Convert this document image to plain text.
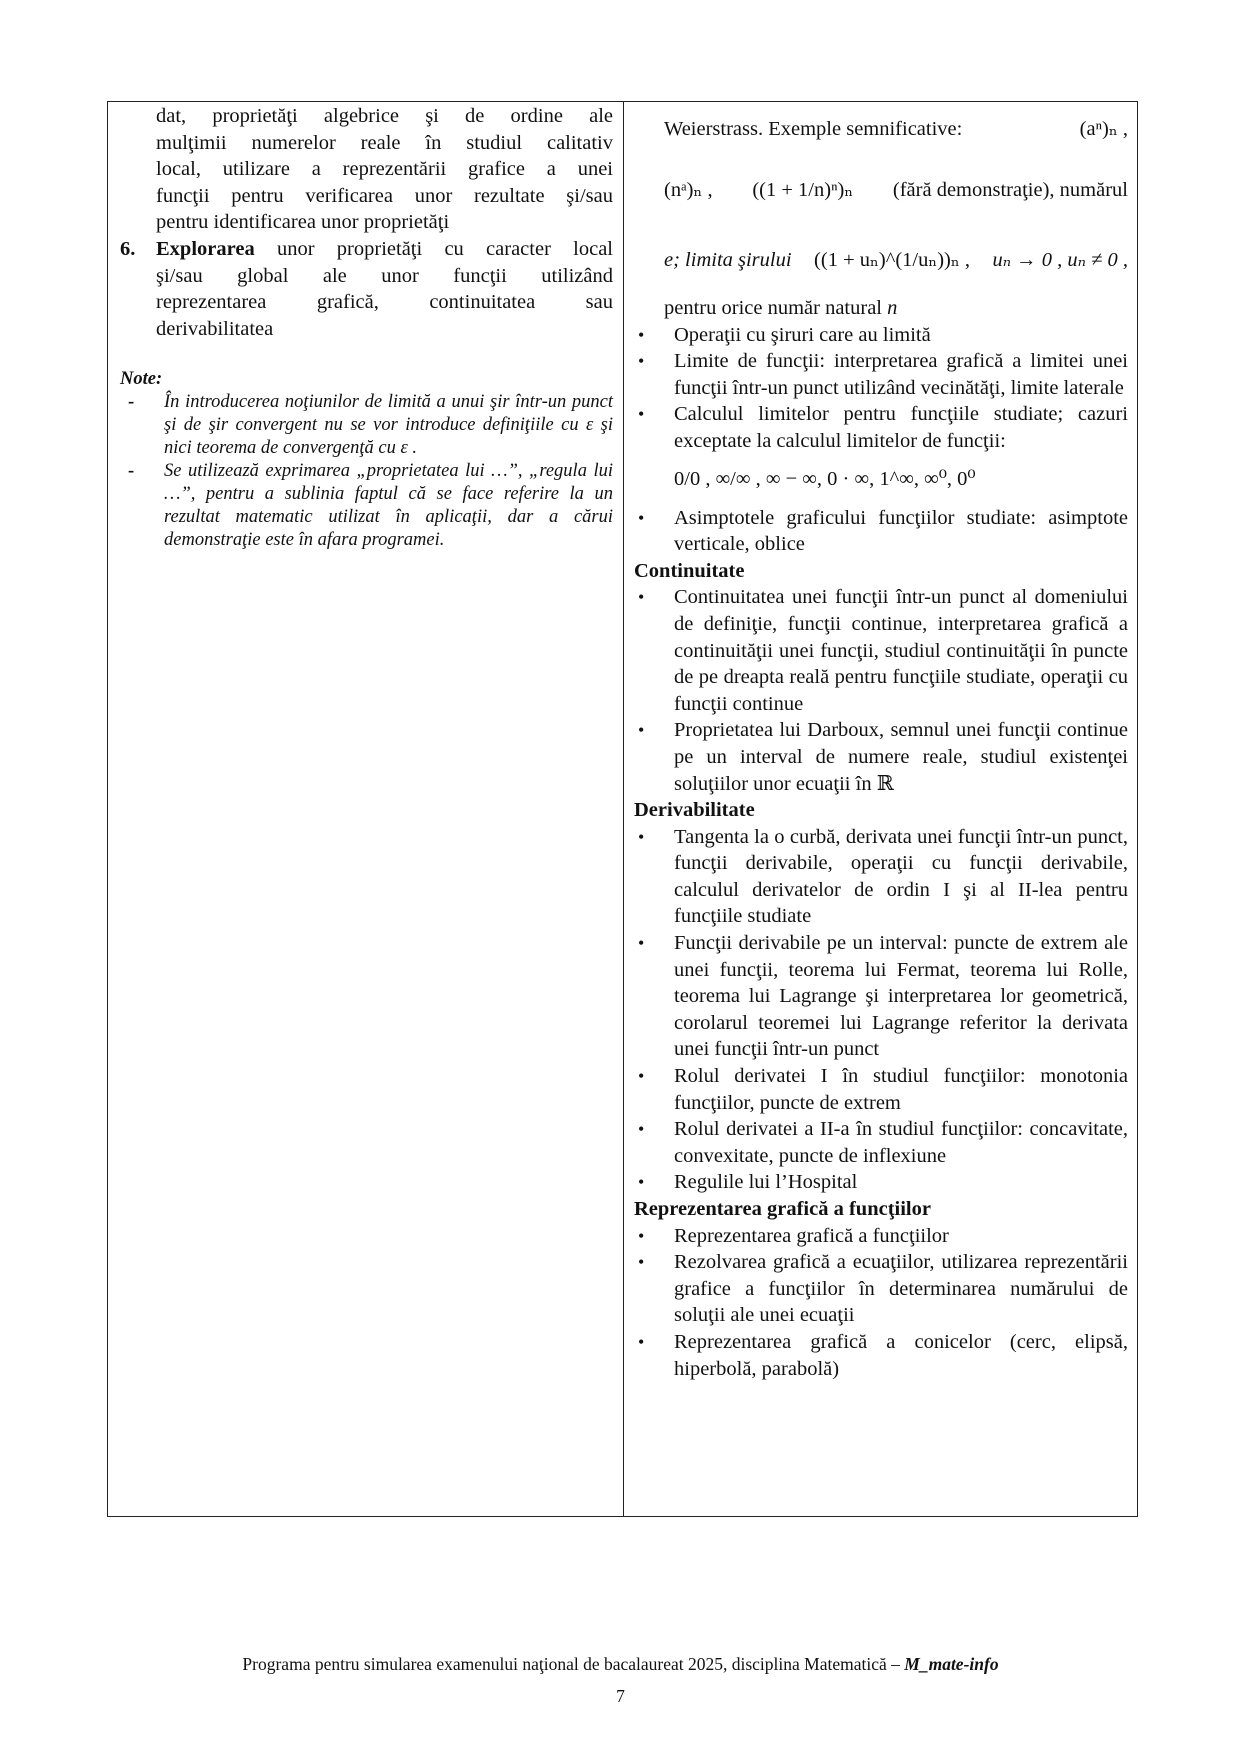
dat, proprietăţi algebrice şi de ordine ale
mulţimii numerelor reale în studiul calitativ
local, utilizare a reprezentării grafice a unei
funcţii pentru verificarea unor rezultate şi/sau
pentru identificarea unor proprietăţi
6. Explorarea unor proprietăţi cu caracter local
şi/sau global ale unor funcţii utilizând
reprezentarea grafică, continuitatea sau
derivabilitatea
Note:
- În introducerea noţiunilor de limită a unui şir într-un punct şi de şir convergent nu se vor introduce definiţiile cu ε şi nici teorema de convergenţă cu ε .
- Se utilizează exprimarea „proprietatea lui …”, „regula lui …”, pentru a sublinia faptul că se face referire la un rezultat matematic utilizat în aplicaţii, dar a cărui demonstraţie este în afara programei.
Weierstrass. Exemple semnificative:	(aⁿ)ₙ ,
(nᵃ)ₙ , ((1 + 1/n)ⁿ)ₙ (fără demonstraţie), numărul
e; limita şirului ((1 + uₙ)^(1/uₙ))ₙ , uₙ → 0 , uₙ ≠ 0 ,
pentru orice număr natural n
• Operaţii cu şiruri care au limită
• Limite de funcţii: interpretarea grafică a limitei unei funcţii într-un punct utilizând vecinătăţi, limite laterale
• Calculul limitelor pentru funcţiile studiate; cazuri exceptate la calculul limitelor de funcţii:
0/0 , ∞/∞ , ∞ − ∞, 0 · ∞, 1^∞, ∞⁰, 0⁰
• Asimptotele graficului funcţiilor studiate: asimptote verticale, oblice
Continuitate
• Continuitatea unei funcţii într-un punct al domeniului de definiţie, funcţii continue, interpretarea grafică a continuităţii unei funcţii, studiul continuităţii în puncte de pe dreapta reală pentru funcţiile studiate, operaţii cu funcţii continue
• Proprietatea lui Darboux, semnul unei funcţii continue pe un interval de numere reale, studiul existenţei soluţiilor unor ecuaţii în ℝ
Derivabilitate
• Tangenta la o curbă, derivata unei funcţii într-un punct, funcţii derivabile, operaţii cu funcţii derivabile, calculul derivatelor de ordin I şi al II-lea pentru funcţiile studiate
• Funcţii derivabile pe un interval: puncte de extrem ale unei funcţii, teorema lui Fermat, teorema lui Rolle, teorema lui Lagrange şi interpretarea lor geometrică, corolarul teoremei lui Lagrange referitor la derivata unei funcţii într-un punct
• Rolul derivatei I în studiul funcţiilor: monotonia funcţiilor, puncte de extrem
• Rolul derivatei a II-a în studiul funcţiilor: concavitate, convexitate, puncte de inflexiune
• Regulile lui l’Hospital
Reprezentarea grafică a funcţiilor
• Reprezentarea grafică a funcţiilor
• Rezolvarea grafică a ecuaţiilor, utilizarea reprezentării grafice a funcţiilor în determinarea numărului de soluţii ale unei ecuaţii
• Reprezentarea grafică a conicelor (cerc, elipsă, hiperbolă, parabolă)
Programa pentru simularea examenului naţional de bacalaureat 2025, disciplina Matematică – M_mate-info
7
